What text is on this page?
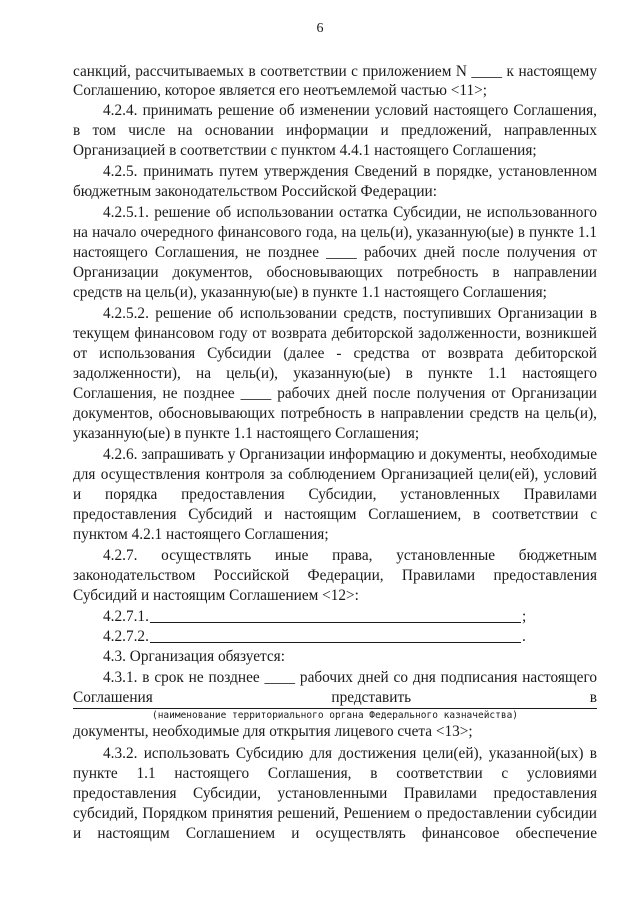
6
санкций, рассчитываемых в соответствии с приложением N ____ к настоящему
Соглашению, которое является его неотъемлемой частью <11>;
4.2.4. принимать решение об изменении условий настоящего Соглашения,
в том числе на основании информации и предложений, направленных
Организацией в соответствии с пунктом 4.4.1 настоящего Соглашения;
4.2.5. принимать путем утверждения Сведений в порядке, установленном
бюджетным законодательством Российской Федерации:
4.2.5.1. решение об использовании остатка Субсидии, не использованного
на начало очередного финансового года, на цель(и), указанную(ые) в пункте 1.1
настоящего Соглашения, не позднее ____ рабочих дней после получения от
Организации документов, обосновывающих потребность в направлении
средств на цель(и), указанную(ые) в пункте 1.1 настоящего Соглашения;
4.2.5.2. решение об использовании средств, поступивших Организации в
текущем финансовом году от возврата дебиторской задолженности, возникшей
от использования Субсидии (далее - средства от возврата дебиторской
задолженности), на цель(и), указанную(ые) в пункте 1.1 настоящего
Соглашения, не позднее ____ рабочих дней после получения от Организации
документов, обосновывающих потребность в направлении средств на цель(и),
указанную(ые) в пункте 1.1 настоящего Соглашения;
4.2.6. запрашивать у Организации информацию и документы, необходимые
для осуществления контроля за соблюдением Организацией цели(ей), условий
и порядка предоставления Субсидии, установленных Правилами
предоставления Субсидий и настоящим Соглашением, в соответствии с
пунктом 4.2.1 настоящего Соглашения;
4.2.7. осуществлять иные права, установленные бюджетным
законодательством Российской Федерации, Правилами предоставления
Субсидий и настоящим Соглашением <12>:
4.2.7.1.	;
4.2.7.2.	.
4.3. Организация обязуется:
4.3.1. в срок не позднее ____ рабочих дней со дня подписания настоящего
Соглашения представить в
(наименование территориального органа Федерального казначейства)
документы, необходимые для открытия лицевого счета <13>;
4.3.2. использовать Субсидию для достижения цели(ей), указанной(ых) в
пункте 1.1 настоящего Соглашения, в соответствии с условиями
предоставления Субсидии, установленными Правилами предоставления
субсидий, Порядком принятия решений, Решением о предоставлении субсидии
и настоящим Соглашением и осуществлять финансовое обеспечение
